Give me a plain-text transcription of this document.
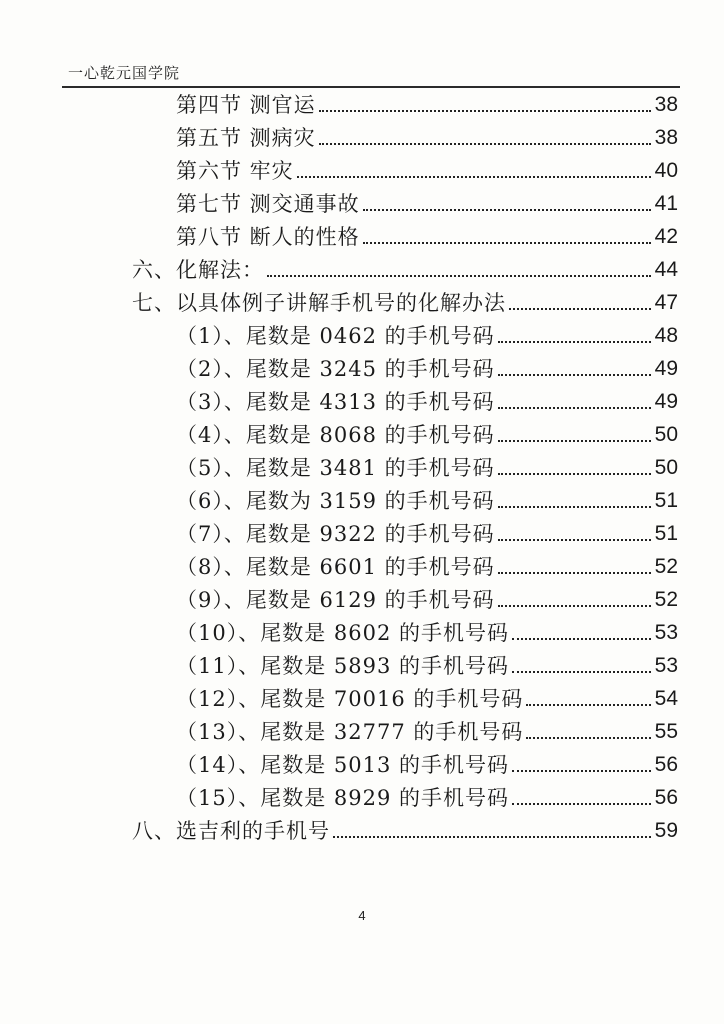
一心乾元国学院
第四节 测官运	38
第五节 测病灾	38
第六节 牢灾	40
第七节 测交通事故	41
第八节 断人的性格	42
六、化解法：	44
七、以具体例子讲解手机号的化解办法	47
（1）、尾数是 0462 的手机号码	48
（2）、尾数是 3245 的手机号码	49
（3）、尾数是 4313 的手机号码	49
（4）、尾数是 8068 的手机号码	50
（5）、尾数是 3481 的手机号码	50
（6）、尾数为 3159 的手机号码	51
（7）、尾数是 9322 的手机号码	51
（8）、尾数是 6601 的手机号码	52
（9）、尾数是 6129 的手机号码	52
（10）、尾数是 8602 的手机号码	53
（11）、尾数是 5893 的手机号码	53
（12）、尾数是 70016 的手机号码	54
（13）、尾数是 32777 的手机号码	55
（14）、尾数是 5013 的手机号码	56
（15）、尾数是 8929 的手机号码	56
八、选吉利的手机号	59
4
